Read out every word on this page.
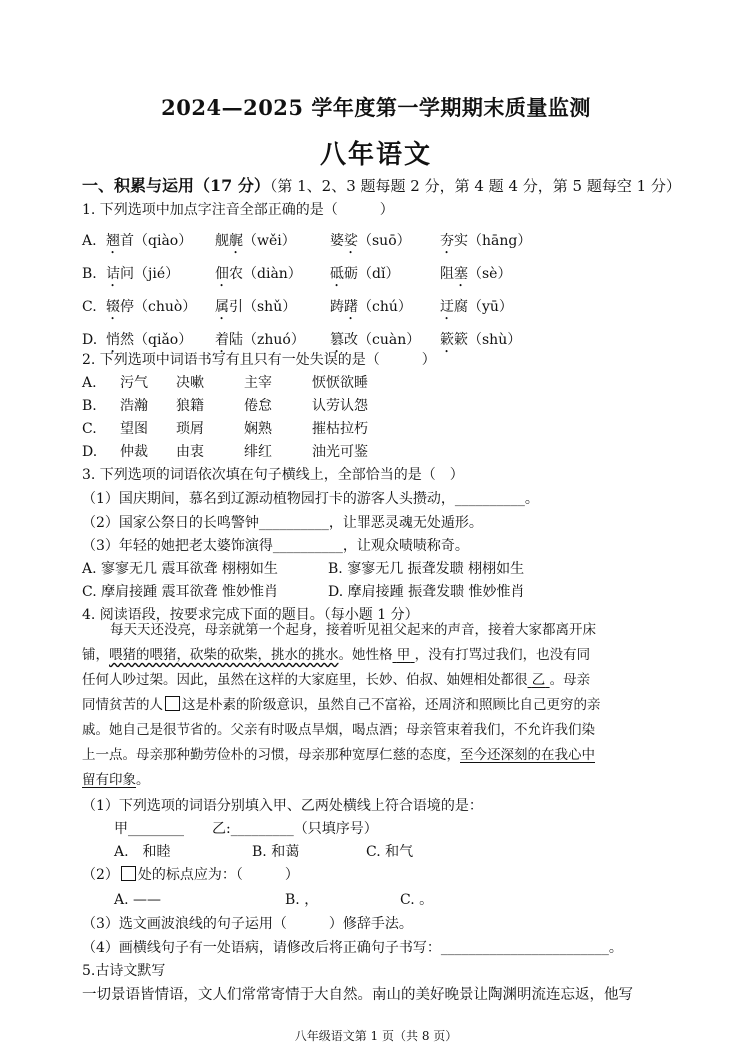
2024—2025 学年度第一学期期末质量监测
八年语文
一、积累与运用（17 分）（第 1、2、3 题每题 2 分，第 4 题 4 分，第 5 题每空 1 分）
1. 下列选项中加点字注音全部正确的是（　　　）
A. 翘首（qiào） 舰艉（wěi） 婆娑（suō） 夯实（hāng）
B. 诘问（jié）	佃农（diàn） 砥砺（dǐ）	阻塞（sè）
C. 辍停（chuò） 属引（shǔ） 踌躇（chú） 迂腐（yū）
D. 悄然（qiǎo） 着陆（zhuó） 篡改（cuàn） 簌簌（shù）
2. 下列选项中词语书写有且只有一处失误的是（　　　）
A. 污气 决嗽	主宰	恹恹欲睡
B. 浩瀚 狼籍	倦怠	认劳认怨
C. 望图 琐屑	娴熟	摧枯拉朽
D. 仲裁 由衷	绯红	油光可鉴
3. 下列选项的词语依次填在句子横线上，全部恰当的是（　）
（1）国庆期间，慕名到辽源动植物园打卡的游客人头攒动，__________。
（2）国家公祭日的长鸣警钟__________，让罪恶灵魂无处遁形。
（3）年轻的她把老太婆饰演得__________，让观众啧啧称奇。
A. 寥寥无几 震耳欲聋 栩栩如生	B. 寥寥无几 振聋发聩 栩栩如生
C. 摩肩接踵 震耳欲聋 惟妙惟肖	D. 摩肩接踵 振聋发聩 惟妙惟肖
4. 阅读语段，按要求完成下面的题目。（每小题 1 分）
每天天还没亮，母亲就第一个起身，接着听见祖父起来的声音，接着大家都离开床
铺，喂猪的喂猪，砍柴的砍柴，挑水的挑水。她性格 甲 ，没有打骂过我们，也没有同
任何人吵过架。因此，虽然在这样的大家庭里，长妙、伯叔、妯娌相处都很 乙 。母亲
同情贫苦的人 这是朴素的阶级意识，虽然自己不富裕，还周济和照顾比自己更穷的亲
戚。她自己是很节省的。父亲有时吸点旱烟，喝点酒；母亲管束着我们，不允许我们染
上一点。母亲那种勤劳俭朴的习惯，母亲那种宽厚仁慈的态度，至今还深刻的在我心中
留有印象。
（1）下列选项的词语分别填入甲、乙两处横线上符合语境的是：
甲________　　乙:_________（只填序号）
A.　和睦	B. 和蔼	C. 和气
（2） 处的标点应为：（　　　）
A. ——	B. ，	C. 。
（3）选文画波浪线的句子运用（　　　）修辞手法。
（4）画横线句子有一处语病，请修改后将正确句子书写：________________________。
5.古诗文默写
一切景语皆情语，文人们常常寄情于大自然。南山的美好晚景让陶渊明流连忘返，他写
八年级语文第 1 页（共 8 页）
